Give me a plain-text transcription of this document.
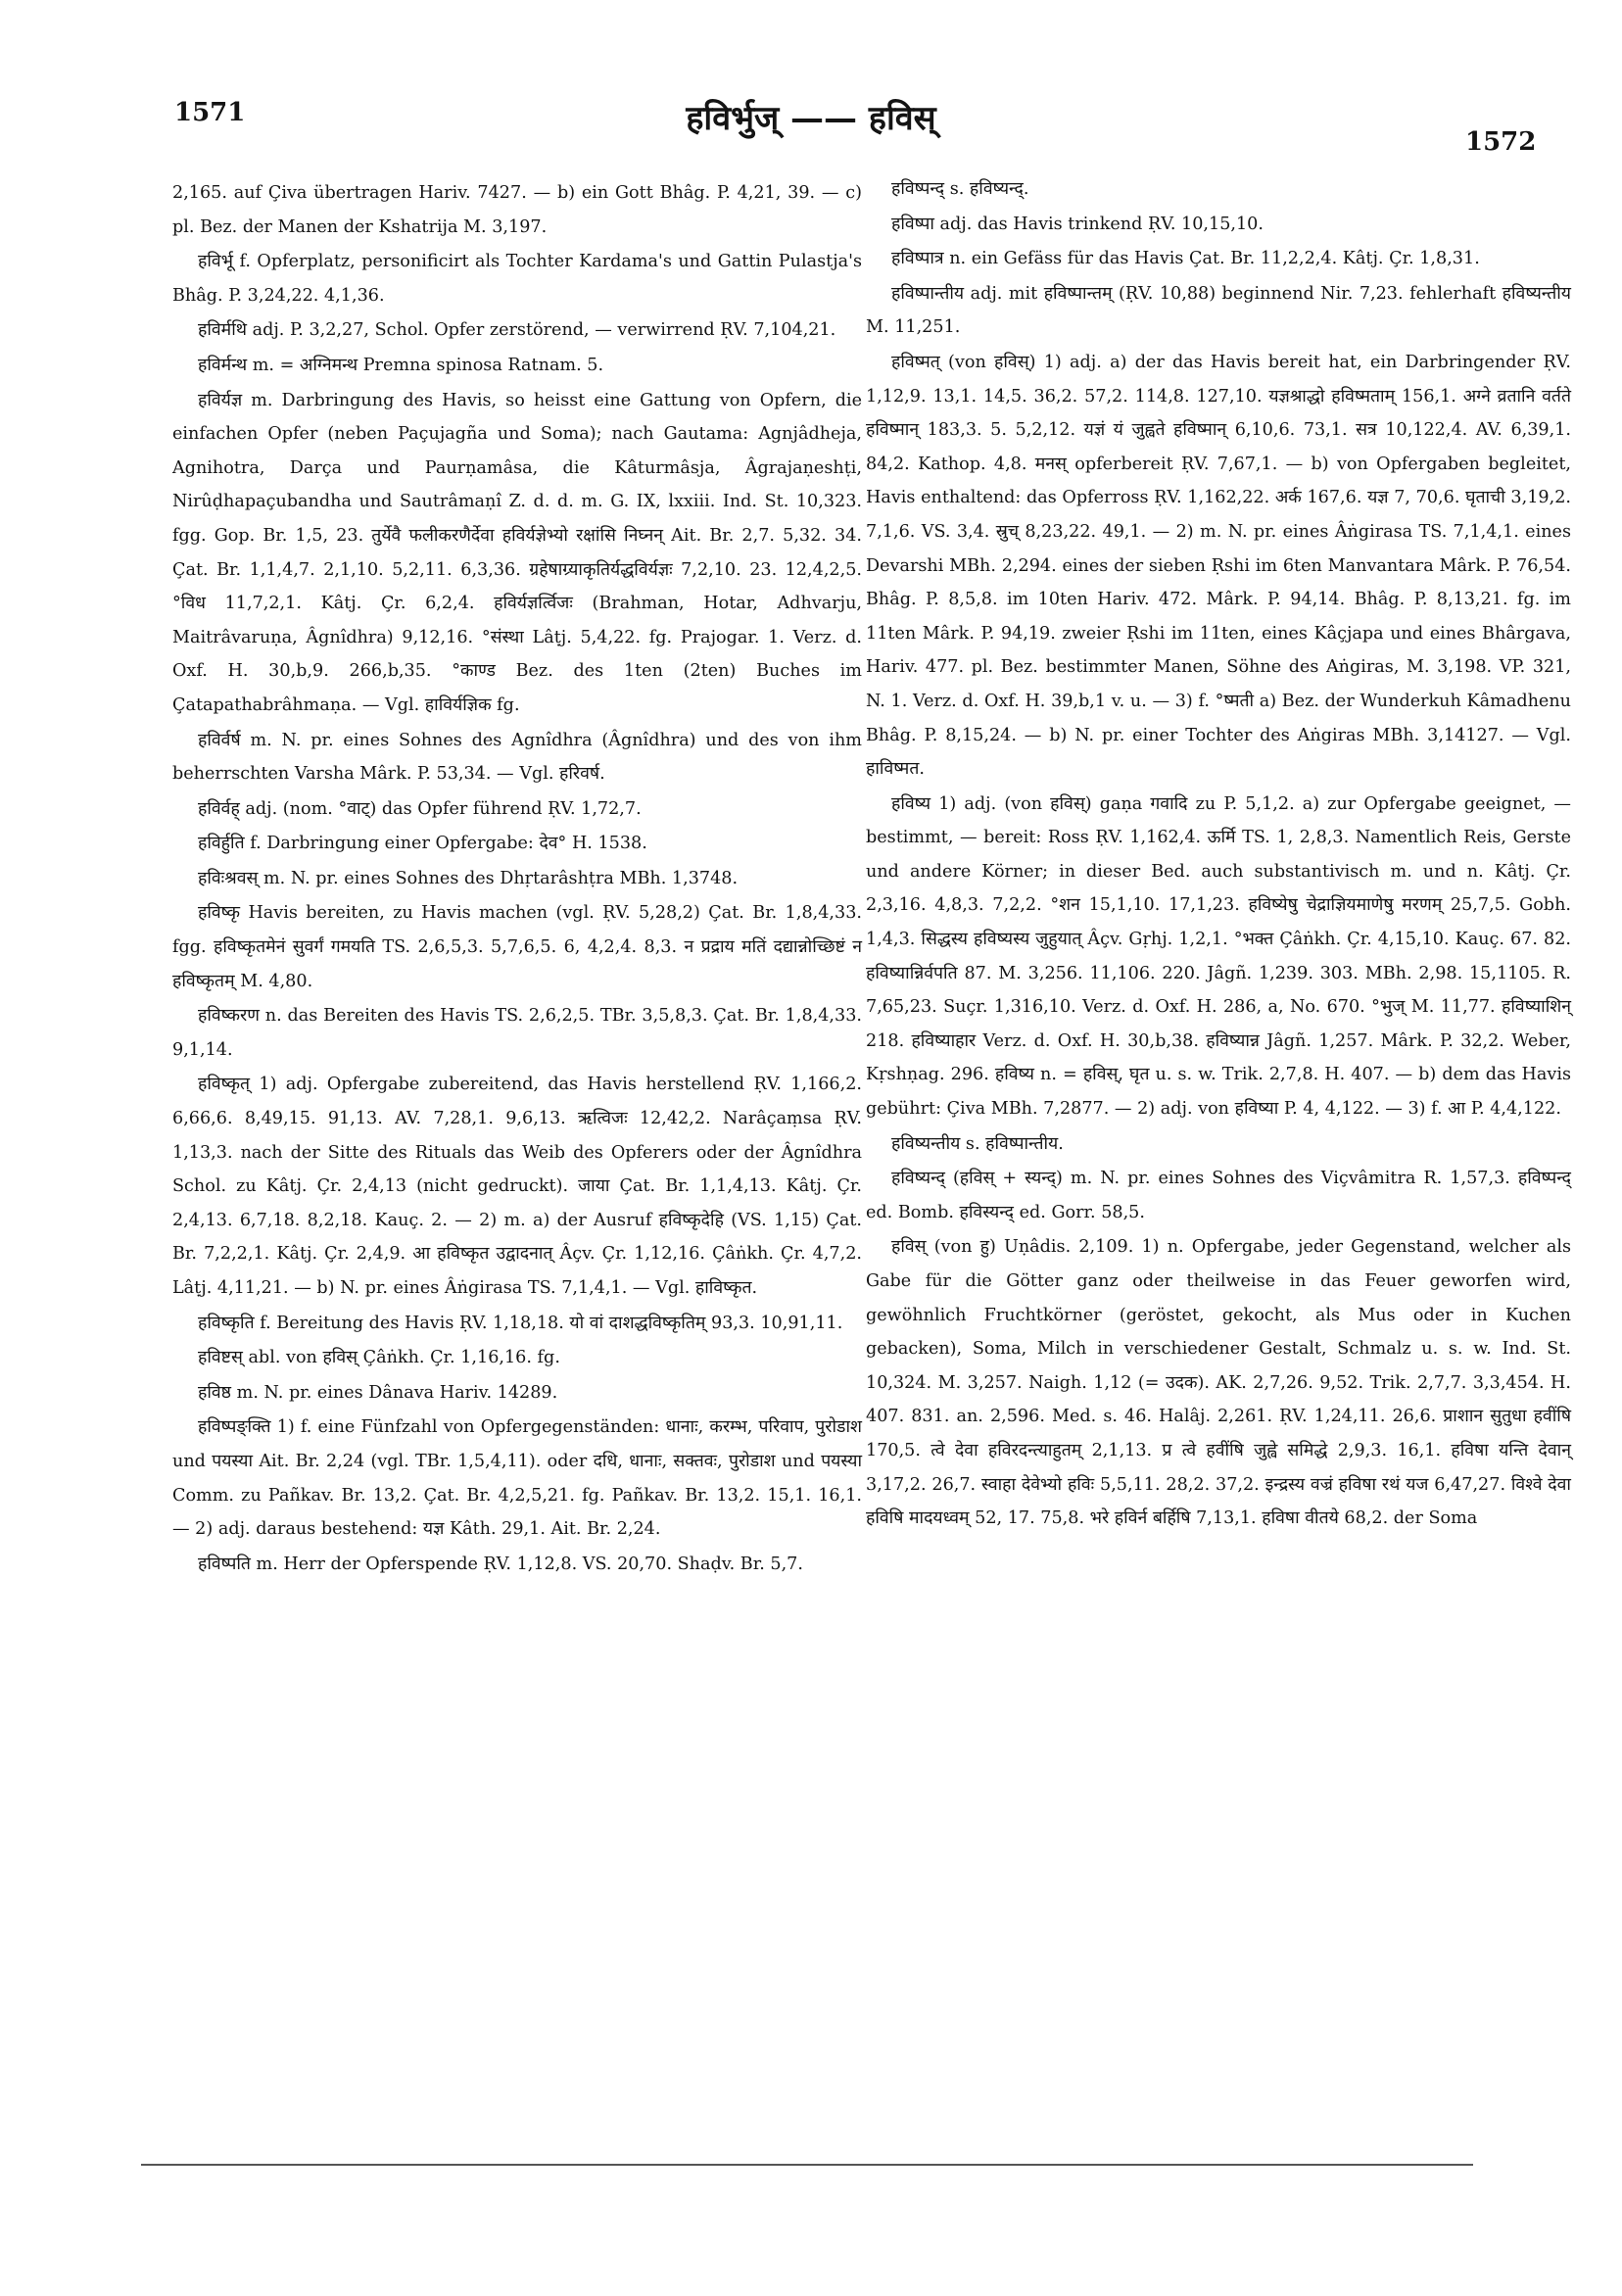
1571	हविर्भुज् —— हविस्
1572

2,165. auf Çiva übertragen Hariv. 7427. — b) ein Gott Bhâg. P. 4,21, 39. — c) pl. Bez. der Manen der Kshatrija M. 3,197.

हविर्भू f. Opferplatz, personificirt als Tochter Kardama's und Gattin Pulastja's Bhâg. P. 3,24,22. 4,1,36.

हविर्मथि adj. P. 3,2,27, Schol. Opfer zerstörend, — verwirrend ṚV. 7,104,21.

हविर्मन्थ m. = अग्निमन्थ Premna spinosa Ratnam. 5.

हविर्यज्ञ m. Darbringung des Havis, so heisst eine Gattung von Opfern, die einfachen Opfer (neben Paçujagña und Soma); nach Gautama: Agnjâdheja, Agnihotra, Darça und Paurṇamâsa, die Kâturmâsja, Âgrajaṇeshṭi, Nirûḍhapaçubandha und Sautrâmaṇî Z. d. d. m. G. IX, lxxiii. Ind. St. 10,323. fgg. Gop. Br. 1,5, 23. तुर्येवै फलीकरणैर्देवा हविर्यज्ञेभ्यो रक्षांसि निघ्नन् Ait. Br. 2,7. 5,32. 34. Çat. Br. 1,1,4,7. 2,1,10. 5,2,11. 6,3,36. ग्रहेषाग्र्याकृतिर्यद्धविर्यज्ञः 7,2,10. 23. 12,4,2,5. °विध 11,7,2,1. Kâtj. Çr. 6,2,4. हविर्यज्ञर्त्विजः (Brahman, Hotar, Adhvarju, Maitrâvaruṇa, Âgnîdhra) 9,12,16. °संस्था Lâṭj. 5,4,22. fg. Prajogar. 1. Verz. d. Oxf. H. 30,b,9. 266,b,35. °काण्ड Bez. des 1ten (2ten) Buches im Çatapathabrâhmaṇa. — Vgl. हाविर्यज्ञिक fg.

हविर्वर्ष m. N. pr. eines Sohnes des Agnîdhra (Âgnîdhra) und des von ihm beherrschten Varsha Mârk. P. 53,34. — Vgl. हरिवर्ष.

हविर्वह् adj. (nom. °वाट्) das Opfer führend ṚV. 1,72,7.

हविर्हुति f. Darbringung einer Opfergabe: देव° H. 1538.

हविःश्रवस् m. N. pr. eines Sohnes des Dhṛtarâshṭra MBh. 1,3748.

हविष्कृ Havis bereiten, zu Havis machen (vgl. ṚV. 5,28,2) Çat. Br. 1,8,4,33. fgg. हविष्कृतमेनं सुवर्गं गमयति TS. 2,6,5,3. 5,7,6,5. 6, 4,2,4. 8,3. न प्रद्राय मतिं दद्यान्नोच्छिष्टं न हविष्कृतम् M. 4,80.

हविष्करण n. das Bereiten des Havis TS. 2,6,2,5. TBr. 3,5,8,3. Çat. Br. 1,8,4,33. 9,1,14.

हविष्कृत् 1) adj. Opfergabe zubereitend, das Havis herstellend ṚV. 1,166,2. 6,66,6. 8,49,15. 91,13. AV. 7,28,1. 9,6,13. ऋत्विजः 12,42,2. Narâçaṃsa ṚV. 1,13,3. nach der Sitte des Rituals das Weib des Opferers oder der Âgnîdhra Schol. zu Kâtj. Çr. 2,4,13 (nicht gedruckt). जाया Çat. Br. 1,1,4,13. Kâtj. Çr. 2,4,13. 6,7,18. 8,2,18. Kauç. 2. — 2) m. a) der Ausruf हविष्कृदेहि (VS. 1,15) Çat. Br. 7,2,2,1. Kâtj. Çr. 2,4,9. आ हविष्कृत उद्वादनात् Âçv. Çr. 1,12,16. Çâṅkh. Çr. 4,7,2. Lâṭj. 4,11,21. — b) N. pr. eines Âṅgirasa TS. 7,1,4,1. — Vgl. हाविष्कृत.

हविष्कृति f. Bereitung des Havis ṚV. 1,18,18. यो वां दाशद्धविष्कृतिम् 93,3. 10,91,11.

हविष्टस् abl. von हविस् Çâṅkh. Çr. 1,16,16. fg.

हविष्ठ m. N. pr. eines Dânava Hariv. 14289.

हविष्पङ्क्ति 1) f. eine Fünfzahl von Opfergegenständen: धानाः, करम्भ, परिवाप, पुरोडाश und पयस्या Ait. Br. 2,24 (vgl. TBr. 1,5,4,11). oder दधि, धानाः, सक्तवः, पुरोडाश und पयस्या Comm. zu Pañkav. Br. 13,2. Çat. Br. 4,2,5,21. fg. Pañkav. Br. 13,2. 15,1. 16,1. — 2) adj. daraus bestehend: यज्ञ Kâth. 29,1. Ait. Br. 2,24.

हविष्पति m. Herr der Opferspende ṚV. 1,12,8. VS. 20,70. Shaḍv. Br. 5,7.

हविष्पन्द् s. हविष्यन्द्.

हविष्पा adj. das Havis trinkend ṚV. 10,15,10.

हविष्पात्र n. ein Gefäss für das Havis Çat. Br. 11,2,2,4. Kâtj. Çr. 1,8,31.

हविष्पान्तीय adj. mit हविष्पान्तम् (ṚV. 10,88) beginnend Nir. 7,23. fehlerhaft हविष्यन्तीय M. 11,251.

हविष्मत् (von हविस्) 1) adj. a) der das Havis bereit hat, ein Darbringender ṚV. 1,12,9. 13,1. 14,5. 36,2. 57,2. 114,8. 127,10. यज्ञश्राद्धो हविष्मताम् 156,1. अग्ने व्रतानि वर्तते हविष्मान् 183,3. 5. 5,2,12. यज्ञं यं जुह्वते हविष्मान् 6,10,6. 73,1. सत्र 10,122,4. AV. 6,39,1. 84,2. Kathop. 4,8. मनस् opferbereit ṚV. 7,67,1. — b) von Opfergaben begleitet, Havis enthaltend: das Opferross ṚV. 1,162,22. अर्क 167,6. यज्ञ 7, 70,6. घृताची 3,19,2. 7,1,6. VS. 3,4. स्रुच् 8,23,22. 49,1. — 2) m. N. pr. eines Âṅgirasa TS. 7,1,4,1. eines Devarshi MBh. 2,294. eines der sieben Ṛshi im 6ten Manvantara Mârk. P. 76,54. Bhâg. P. 8,5,8. im 10ten Hariv. 472. Mârk. P. 94,14. Bhâg. P. 8,13,21. fg. im 11ten Mârk. P. 94,19. zweier Ṛshi im 11ten, eines Kâçjapa und eines Bhârgava, Hariv. 477. pl. Bez. bestimmter Manen, Söhne des Aṅgiras, M. 3,198. VP. 321, N. 1. Verz. d. Oxf. H. 39,b,1 v. u. — 3) f. °ष्मती a) Bez. der Wunderkuh Kâmadhenu Bhâg. P. 8,15,24. — b) N. pr. einer Tochter des Aṅgiras MBh. 3,14127. — Vgl. हाविष्मत.

हविष्य 1) adj. (von हविस्) gaṇa गवादि zu P. 5,1,2. a) zur Opfergabe geeignet, — bestimmt, — bereit: Ross ṚV. 1,162,4. ऊर्मि TS. 1, 2,8,3. Namentlich Reis, Gerste und andere Körner; in dieser Bed. auch substantivisch m. und n. Kâtj. Çr. 2,3,16. 4,8,3. 7,2,2. °शन 15,1,10. 17,1,23. हविष्येषु चेद्राज्ञियमाणेषु मरणम् 25,7,5. Gobh. 1,4,3. सिद्धस्य हविष्यस्य जुहुयात् Âçv. Gṛhj. 1,2,1. °भक्त Çâṅkh. Çr. 4,15,10. Kauç. 67. 82. हविष्यान्निर्वपति 87. M. 3,256. 11,106. 220. Jâgñ. 1,239. 303. MBh. 2,98. 15,1105. R. 7,65,23. Suçr. 1,316,10. Verz. d. Oxf. H. 286, a, No. 670. °भुज् M. 11,77. हविष्याशिन् 218. हविष्याहार Verz. d. Oxf. H. 30,b,38. हविष्यान्न Jâgñ. 1,257. Mârk. P. 32,2. Weber, Kṛshṇag. 296. हविष्य n. = हविस्, घृत u. s. w. Trik. 2,7,8. H. 407. — b) dem das Havis gebührt: Çiva MBh. 7,2877. — 2) adj. von हविष्या P. 4, 4,122. — 3) f. आ P. 4,4,122.

हविष्यन्तीय s. हविष्पान्तीय.

हविष्यन्द् (हविस् + स्यन्द्) m. N. pr. eines Sohnes des Viçvâmitra R. 1,57,3. हविष्पन्द् ed. Bomb. हविस्यन्द् ed. Gorr. 58,5.

हविस् (von हु) Uṇâdis. 2,109. 1) n. Opfergabe, jeder Gegenstand, welcher als Gabe für die Götter ganz oder theilweise in das Feuer geworfen wird, gewöhnlich Fruchtkörner (geröstet, gekocht, als Mus oder in Kuchen gebacken), Soma, Milch in verschiedener Gestalt, Schmalz u. s. w. Ind. St. 10,324. M. 3,257. Naigh. 1,12 (= उदक). AK. 2,7,26. 9,52. Trik. 2,7,7. 3,3,454. H. 407. 831. an. 2,596. Med. s. 46. Halâj. 2,261. ṚV. 1,24,11. 26,6. प्राशान सुतुधा हवींषि 170,5. त्वे देवा हविरदन्त्याहुतम् 2,1,13. प्र त्वे हवींषि जुह्वे समिद्धे 2,9,3. 16,1. हविषा यन्ति देवान् 3,17,2. 26,7. स्वाहा देवेभ्यो हविः 5,5,11. 28,2. 37,2. इन्द्रस्य वज्रं हविषा रथं यज 6,47,27. विश्वे देवा हविषि मादयध्वम् 52, 17. 75,8. भरे हविर्न बर्हिषि 7,13,1. हविषा वीतये 68,2. der Soma
